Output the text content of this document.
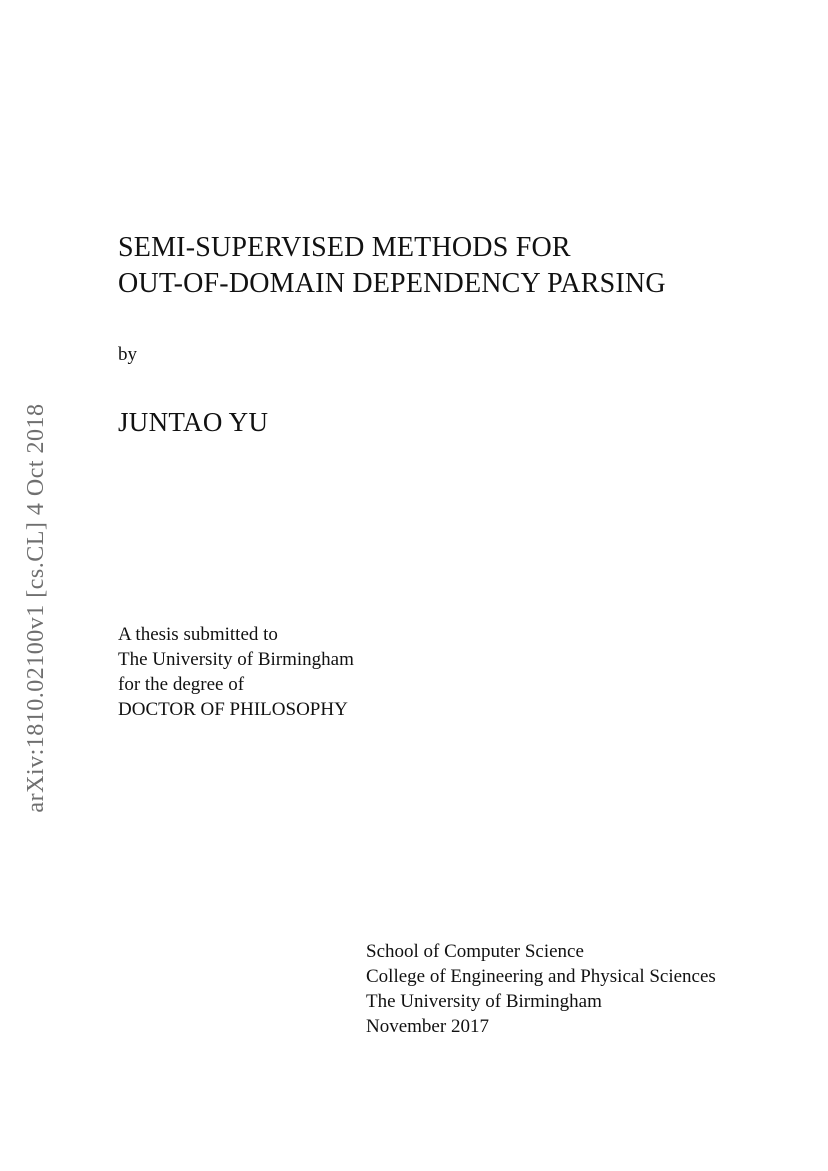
arXiv:1810.02100v1 [cs.CL] 4 Oct 2018
SEMI-SUPERVISED METHODS FOR
OUT-OF-DOMAIN DEPENDENCY PARSING
by
JUNTAO YU
A thesis submitted to
The University of Birmingham
for the degree of
DOCTOR OF PHILOSOPHY
School of Computer Science
College of Engineering and Physical Sciences
The University of Birmingham
November 2017
